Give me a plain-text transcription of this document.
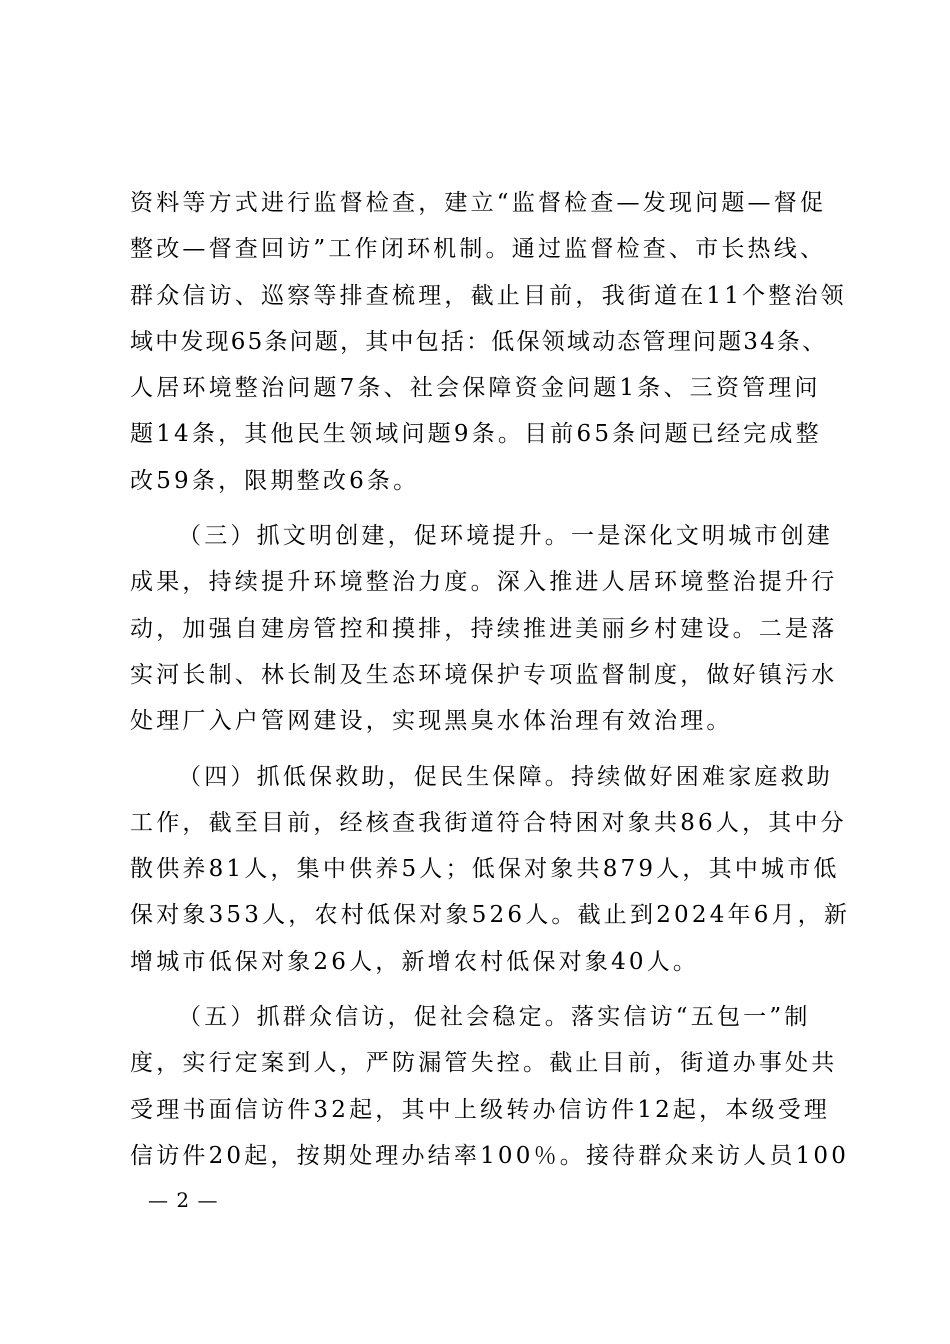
资料等方式进行监督检查，建立“监督检查—发现问题—督促
整改—督查回访”工作闭环机制。通过监督检查、市长热线、
群众信访、巡察等排查梳理，截止目前，我街道在11个整治领
域中发现65条问题，其中包括：低保领域动态管理问题34条、
人居环境整治问题7条、社会保障资金问题1条、三资管理问
题14条，其他民生领域问题9条。目前65条问题已经完成整
改59条，限期整改6条。
（三）抓文明创建，促环境提升。一是深化文明城市创建
成果，持续提升环境整治力度。深入推进人居环境整治提升行
动，加强自建房管控和摸排，持续推进美丽乡村建设。二是落
实河长制、林长制及生态环境保护专项监督制度，做好镇污水
处理厂入户管网建设，实现黑臭水体治理有效治理。
（四）抓低保救助，促民生保障。持续做好困难家庭救助
工作，截至目前，经核查我街道符合特困对象共86人，其中分
散供养81人，集中供养5人；低保对象共879人，其中城市低
保对象353人，农村低保对象526人。截止到2024年6月，新
增城市低保对象26人，新增农村低保对象40人。
（五）抓群众信访，促社会稳定。落实信访“五包一”制
度，实行定案到人，严防漏管失控。截止目前，街道办事处共
受理书面信访件32起，其中上级转办信访件12起，本级受理
信访件20起，按期处理办结率100％。接待群众来访人员100
— 2 —
